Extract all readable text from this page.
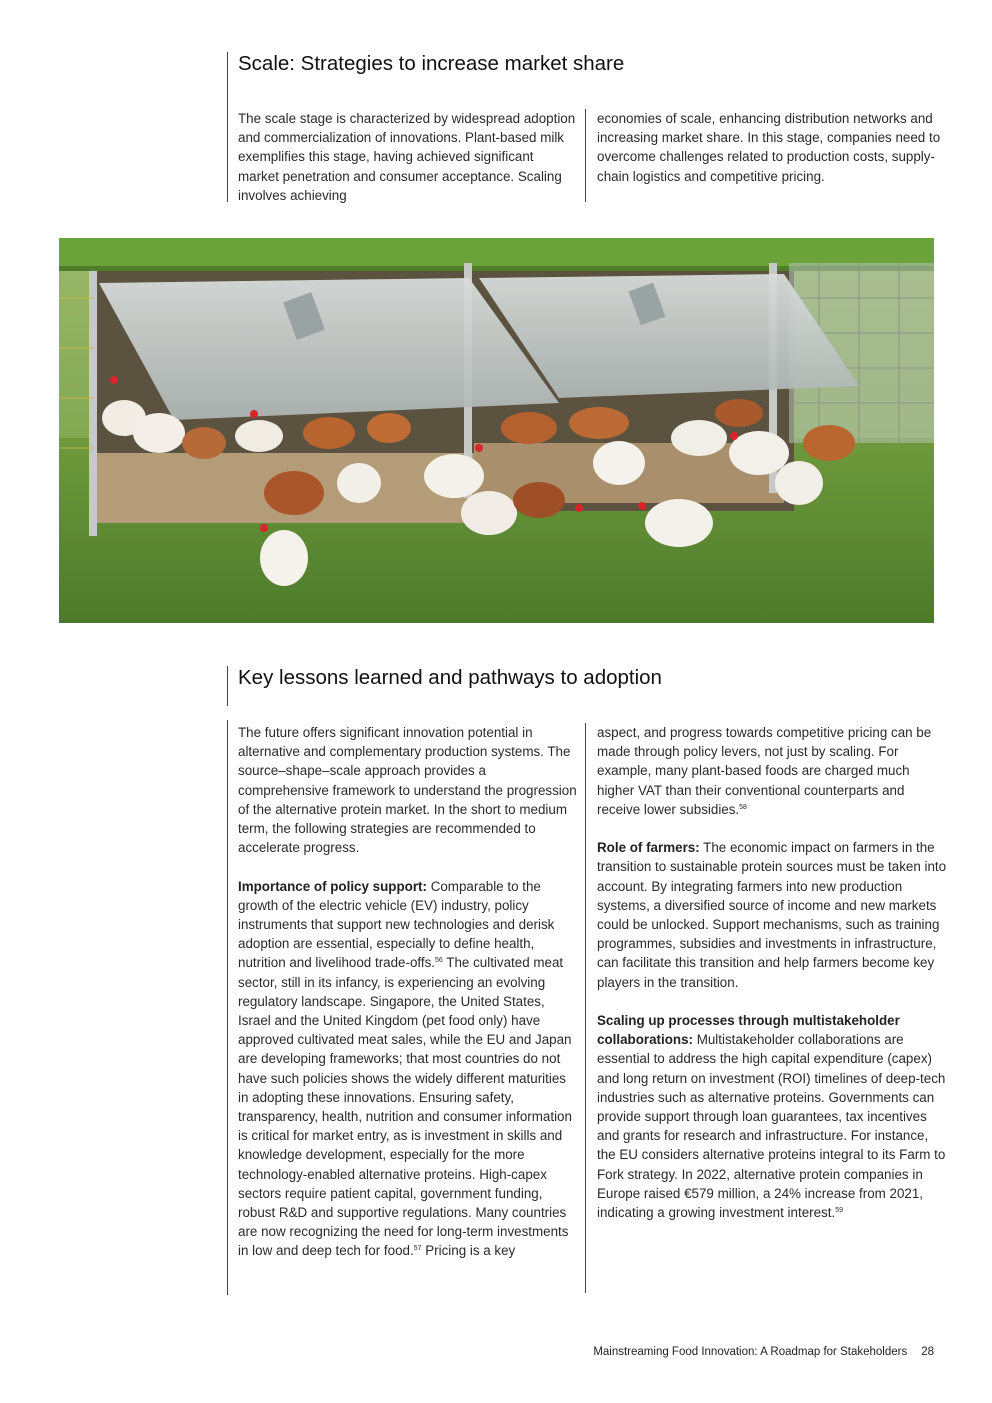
Scale: Strategies to increase market share

The scale stage is characterized by widespread adoption and commercialization of innovations. Plant-based milk exemplifies this stage, having achieved significant market penetration and consumer acceptance. Scaling involves achieving

economies of scale, enhancing distribution networks and increasing market share. In this stage, companies need to overcome challenges related to production costs, supply-chain logistics and competitive pricing.

Key lessons learned and pathways to adoption

The future offers significant innovation potential in alternative and complementary production systems. The source–shape–scale approach provides a comprehensive framework to understand the progression of the alternative protein market. In the short to medium term, the following strategies are recommended to accelerate progress.

Importance of policy support: Comparable to the growth of the electric vehicle (EV) industry, policy instruments that support new technologies and derisk adoption are essential, especially to define health, nutrition and livelihood trade-offs.$^{56}$ The cultivated meat sector, still in its infancy, is experiencing an evolving regulatory landscape. Singapore, the United States, Israel and the United Kingdom (pet food only) have approved cultivated meat sales, while the EU and Japan are developing frameworks; that most countries do not have such policies shows the widely different maturities in adopting these innovations. Ensuring safety, transparency, health, nutrition and consumer information is critical for market entry, as is investment in skills and knowledge development, especially for the more technology-enabled alternative proteins. High-capex sectors require patient capital, government funding, robust R&D and supportive regulations. Many countries are now recognizing the need for long-term investments in low and deep tech for food.$^{57}$ Pricing is a key

aspect, and progress towards competitive pricing can be made through policy levers, not just by scaling. For example, many plant-based foods are charged much higher VAT than their conventional counterparts and receive lower subsidies.$^{58}$

Role of farmers: The economic impact on farmers in the transition to sustainable protein sources must be taken into account. By integrating farmers into new production systems, a diversified source of income and new markets could be unlocked. Support mechanisms, such as training programmes, subsidies and investments in infrastructure, can facilitate this transition and help farmers become key players in the transition.

Scaling up processes through multistakeholder collaborations: Multistakeholder collaborations are essential to address the high capital expenditure (capex) and long return on investment (ROI) timelines of deep-tech industries such as alternative proteins. Governments can provide support through loan guarantees, tax incentives and grants for research and infrastructure. For instance, the EU considers alternative proteins integral to its Farm to Fork strategy. In 2022, alternative protein companies in Europe raised €579 million, a 24% increase from 2021, indicating a growing investment interest.$^{59}$

Mainstreaming Food Innovation: A Roadmap for Stakeholders 28
